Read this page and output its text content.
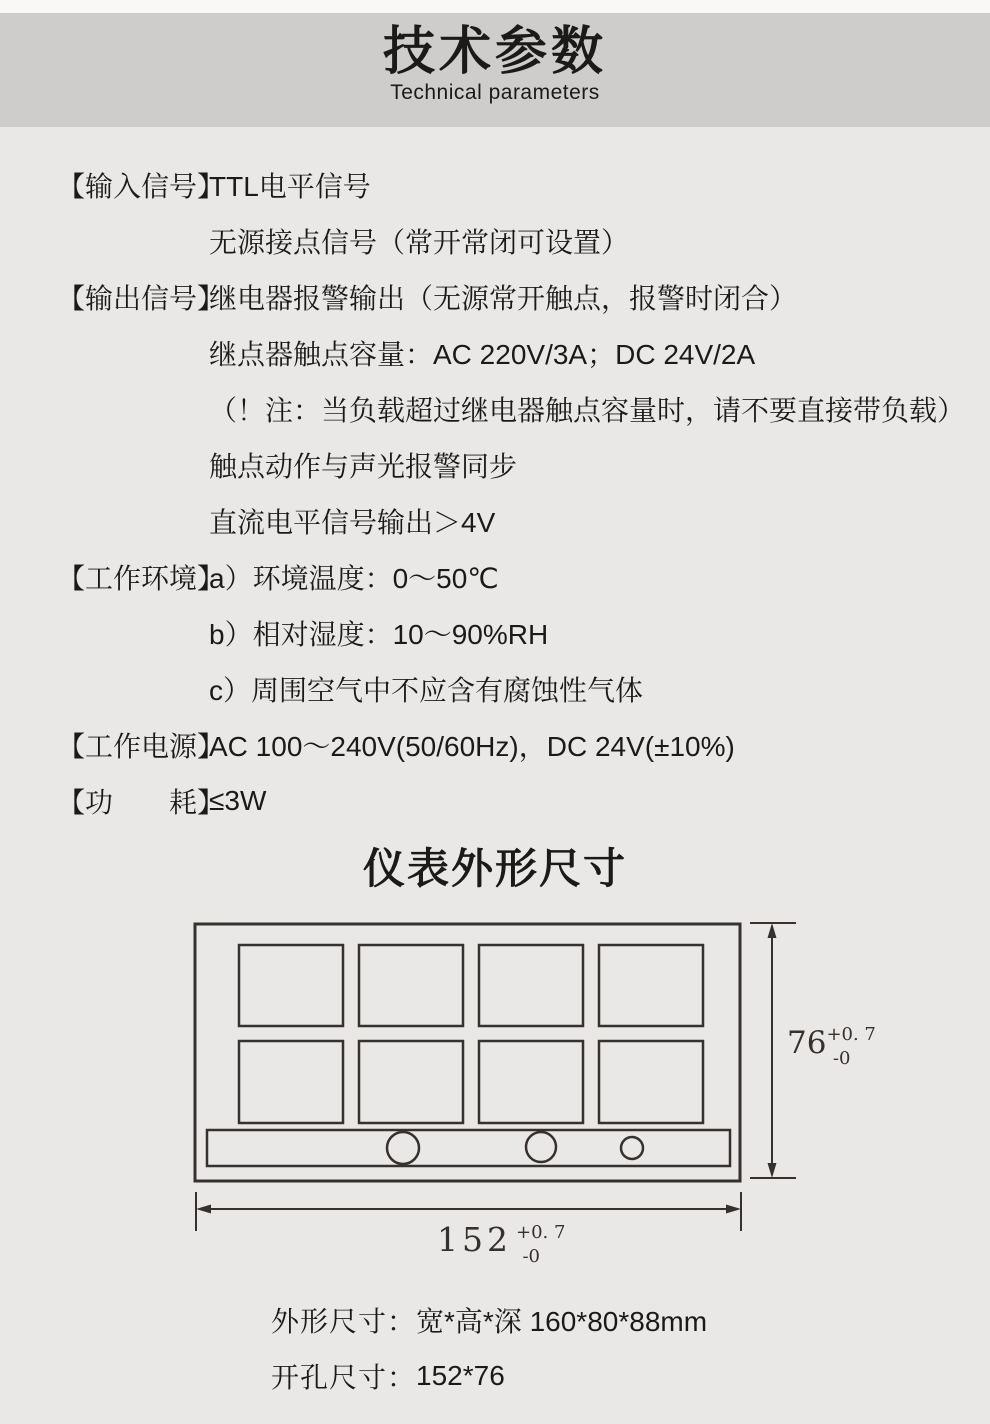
技术参数
Technical parameters
【输入信号】
TTL电平信号
无源接点信号（常开常闭可设置）
【输出信号】
继电器报警输出（无源常开触点，报警时闭合）
继点器触点容量：AC 220V/3A；DC 24V/2A
（！注：当负载超过继电器触点容量时，请不要直接带负载）
触点动作与声光报警同步
直流电平信号输出＞4V
【工作环境】
a）环境温度：0～50℃
b）相对湿度：10～90%RH
c）周围空气中不应含有腐蚀性气体
【工作电源】
AC 100～240V(50/60Hz)，DC 24V(±10%)
【功　　耗】
≤3W
仪表外形尺寸
$76^{+0. 7}$ -0
152 $^{+0. 7}$ -0
外形尺寸： 宽*高*深 160*80*88mm
开孔尺寸： 152*76
